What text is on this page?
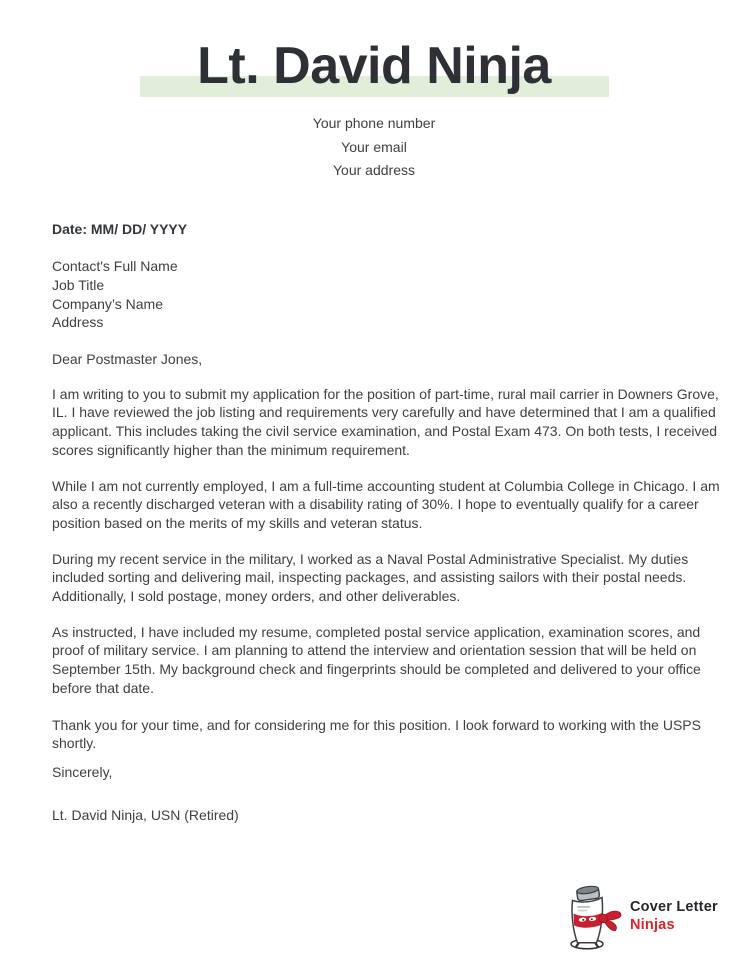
Lt. David Ninja
Your phone number
Your email
Your address

Date: MM/ DD/ YYYY

Contact's Full Name
Job Title
Company’s Name
Address

Dear Postmaster Jones,

I am writing to you to submit my application for the position of part-time, rural mail carrier in Downers Grove, IL. I have reviewed the job listing and requirements very carefully and have determined that I am a qualified applicant. This includes taking the civil service examination, and Postal Exam 473. On both tests, I received scores significantly higher than the minimum requirement.

While I am not currently employed, I am a full-time accounting student at Columbia College in Chicago. I am also a recently discharged veteran with a disability rating of 30%. I hope to eventually qualify for a career position based on the merits of my skills and veteran status.

During my recent service in the military, I worked as a Naval Postal Administrative Specialist. My duties included sorting and delivering mail, inspecting packages, and assisting sailors with their postal needs. Additionally, I sold postage, money orders, and other deliverables.

As instructed, I have included my resume, completed postal service application, examination scores, and proof of military service. I am planning to attend the interview and orientation session that will be held on September 15th. My background check and fingerprints should be completed and delivered to your office before that date.

Thank you for your time, and for considering me for this position. I look forward to working with the USPS shortly.

Sincerely,

Lt. David Ninja, USN (Retired)

Cover Letter
Ninjas
